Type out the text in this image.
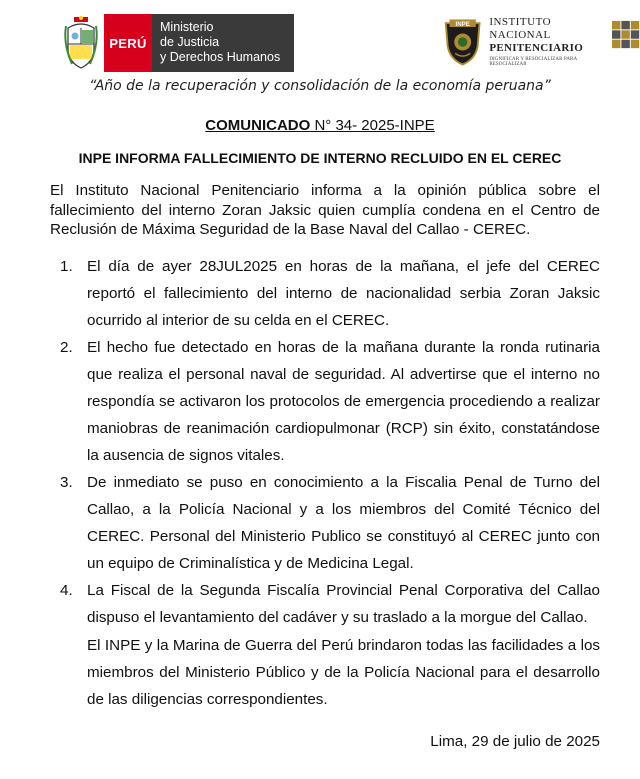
PERÚ
Ministerio
de Justicia
y Derechos Humanos
INPE INSTITUTO
NACIONAL
PENITENCIARIO
DIGNIFICAR Y RESOCIALIZAR PARA RESOCIALIZAR
“Año de la recuperación y consolidación de la economía peruana”
COMUNICADO N° 34- 2025-INPE
INPE INFORMA FALLECIMIENTO DE INTERNO RECLUIDO EN EL CEREC

El Instituto Nacional Penitenciario informa a la opinión pública sobre el fallecimiento del interno Zoran Jaksic quien cumplía condena en el Centro de Reclusión de Máxima Seguridad de la Base Naval del Callao - CEREC.

1. El día de ayer 28JUL2025 en horas de la mañana, el jefe del CEREC reportó el fallecimiento del interno de nacionalidad serbia Zoran Jaksic ocurrido al interior de su celda en el CEREC.
2. El hecho fue detectado en horas de la mañana durante la ronda rutinaria que realiza el personal naval de seguridad. Al advertirse que el interno no respondía se activaron los protocolos de emergencia procediendo a realizar maniobras de reanimación cardiopulmonar (RCP) sin éxito, constatándose la ausencia de signos vitales.
3. De inmediato se puso en conocimiento a la Fiscalia Penal de Turno del Callao, a la Policía Nacional y a los miembros del Comité Técnico del CEREC. Personal del Ministerio Publico se constituyó al CEREC junto con un equipo de Criminalística y de Medicina Legal.
4. La Fiscal de la Segunda Fiscalía Provincial Penal Corporativa del Callao dispuso el levantamiento del cadáver y su traslado a la morgue del Callao.

El INPE y la Marina de Guerra del Perú brindaron todas las facilidades a los miembros del Ministerio Público y de la Policía Nacional para el desarrollo de las diligencias correspondientes.

Lima, 29 de julio de 2025
